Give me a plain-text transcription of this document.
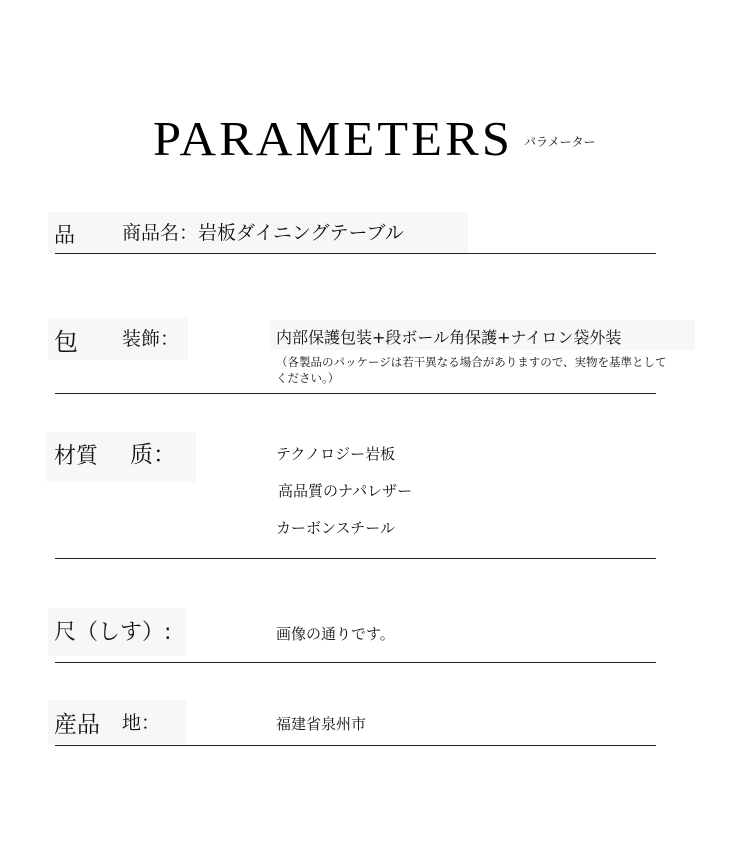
PARAMETERS パラメーター
品 商品名：岩板ダイニングテーブル
包 装飾：	内部保護包装+段ボール角保護+ナイロン袋外装
（各製品のパッケージは若干異なる場合がありますので、実物を基準としてください。）
材質 质：	テクノロジー岩板
高品質のナパレザー
カーボンスチール
尺（しす）:	画像の通りです。
産品 地：	福建省泉州市
